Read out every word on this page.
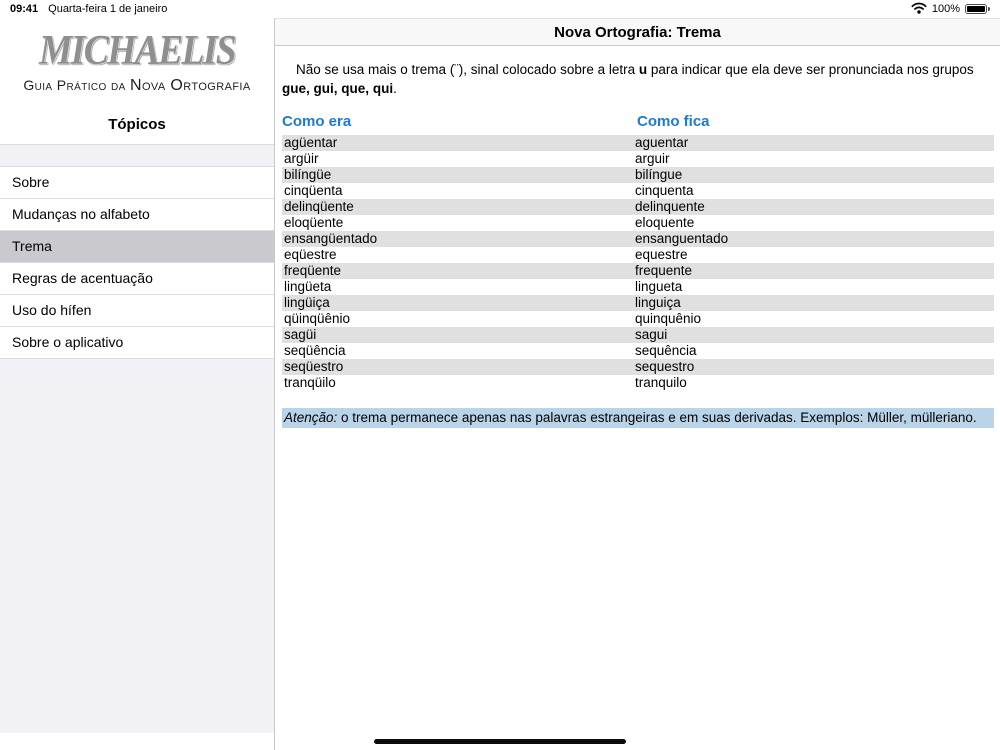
09:41 Quarta-feira 1 de janeiro	100%
MICHAELIS
Guia Prático da Nova Ortografia
Tópicos
Sobre
Mudanças no alfabeto
Trema
Regras de acentuação
Uso do hífen
Sobre o aplicativo
Nova Ortografia: Trema

Não se usa mais o trema (¨), sinal colocado sobre a letra u para indicar que ela deve ser pronunciada nos grupos gue, gui, que, qui.

Como era	Como fica
agüentar	aguentar
argüir	arguir
bilíngüe	bilíngue
cinqüenta	cinquenta
delinqüente	delinquente
eloqüente	eloquente
ensangüentado	ensanguentado
eqüestre	equestre
freqüente	frequente
lingüeta	lingueta
lingüiça	linguiça
qüinqüênio	quinquênio
sagüi	sagui
seqüência	sequência
seqüestro	sequestro
tranqüilo	tranquilo
Atenção: o trema permanece apenas nas palavras estrangeiras e em suas derivadas. Exemplos: Müller, mülleriano.
